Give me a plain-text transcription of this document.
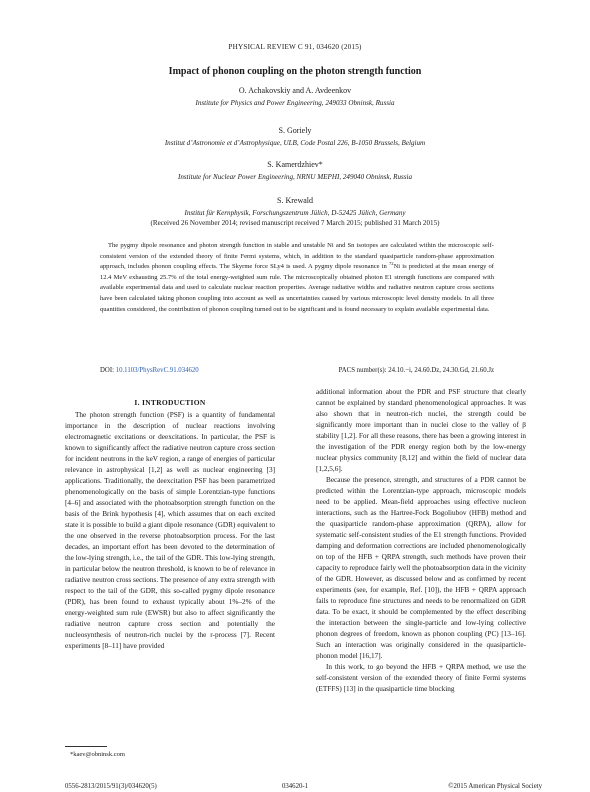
PHYSICAL REVIEW C 91, 034620 (2015)
Impact of phonon coupling on the photon strength function
O. Achakovskiy and A. Avdeenkov
Institute for Physics and Power Engineering, 249033 Obninsk, Russia
S. Goriely
Institut d’Astronomie et d’Astrophysique, ULB, Code Postal 226, B-1050 Brussels, Belgium
S. Kamerdzhiev*
Institute for Nuclear Power Engineering, NRNU MEPHI, 249040 Obninsk, Russia
S. Krewald
Institut für Kernphysik, Forschungszentrum Jülich, D-52425 Jülich, Germany
(Received 26 November 2014; revised manuscript received 7 March 2015; published 31 March 2015)
The pygmy dipole resonance and photon strength function in stable and unstable Ni and Sn isotopes are calculated within the microscopic self-consistent version of the extended theory of finite Fermi systems, which, in addition to the standard quasiparticle random-phase approximation approach, includes phonon coupling effects. The Skyrme force SLy4 is used. A pygmy dipole resonance in $^{72}$Ni is predicted at the mean energy of 12.4 MeV exhausting 25.7% of the total energy-weighted sum rule. The microscopically obtained photon E1 strength functions are compared with available experimental data and used to calculate nuclear reaction properties. Average radiative widths and radiative neutron capture cross sections have been calculated taking phonon coupling into account as well as uncertainties caused by various microscopic level density models. In all three quantities considered, the contribution of phonon coupling turned out to be significant and is found necessary to explain available experimental data.
DOI: 10.1103/PhysRevC.91.034620	PACS number(s): 24.10.−i, 24.60.Dz, 24.30.Gd, 21.60.Jz
I. INTRODUCTION

The photon strength function (PSF) is a quantity of fundamental importance in the description of nuclear reactions involving electromagnetic excitations or deexcitations. In particular, the PSF is known to significantly affect the radiative neutron capture cross section for incident neutrons in the keV region, a range of energies of particular relevance in astrophysical [1,2] as well as nuclear engineering [3] applications. Traditionally, the deexcitation PSF has been parametrized phenomenologically on the basis of simple Lorentzian-type functions [4–6] and associated with the photoabsorption strength function on the basis of the Brink hypothesis [4], which assumes that on each excited state it is possible to build a giant dipole resonance (GDR) equivalent to the one observed in the reverse photoabsorption process. For the last decades, an important effort has been devoted to the determination of the low-lying strength, i.e., the tail of the GDR. This low-lying strength, in particular below the neutron threshold, is known to be of relevance in radiative neutron cross sections. The presence of any extra strength with respect to the tail of the GDR, this so-called pygmy dipole resonance (PDR), has been found to exhaust typically about 1%–2% of the energy-weighted sum rule (EWSR) but also to affect significantly the radiative neutron capture cross section and potentially the nucleosynthesis of neutron-rich nuclei by the r-process [7]. Recent experiments [8–11] have provided

additional information about the PDR and PSF structure that clearly cannot be explained by standard phenomenological approaches. It was also shown that in neutron-rich nuclei, the strength could be significantly more important than in nuclei close to the valley of β stability [1,2]. For all these reasons, there has been a growing interest in the investigation of the PDR energy region both by the low-energy nuclear physics community [8,12] and within the field of nuclear data [1,2,5,6].

Because the presence, strength, and structures of a PDR cannot be predicted within the Lorentzian-type approach, microscopic models need to be applied. Mean-field approaches using effective nucleon interactions, such as the Hartree-Fock Bogoliubov (HFB) method and the quasiparticle random-phase approximation (QRPA), allow for systematic self-consistent studies of the E1 strength functions. Provided damping and deformation corrections are included phenomenologically on top of the HFB + QRPA strength, such methods have proven their capacity to reproduce fairly well the photoabsorption data in the vicinity of the GDR. However, as discussed below and as confirmed by recent experiments (see, for example, Ref. [10]), the HFB + QRPA approach fails to reproduce fine structures and needs to be renormalized on GDR data. To be exact, it should be complemented by the effect describing the interaction between the single-particle and low-lying collective phonon degrees of freedom, known as phonon coupling (PC) [13–16]. Such an interaction was originally considered in the quasiparticle-phonon model [16,17].

In this work, to go beyond the HFB + QRPA method, we use the self-consistent version of the extended theory of finite Fermi systems (ETFFS) [13] in the quasiparticle time blocking

*kaev@obninsk.com
0556-2813/2015/91(3)/034620(5)	034620-1	©2015 American Physical Society
